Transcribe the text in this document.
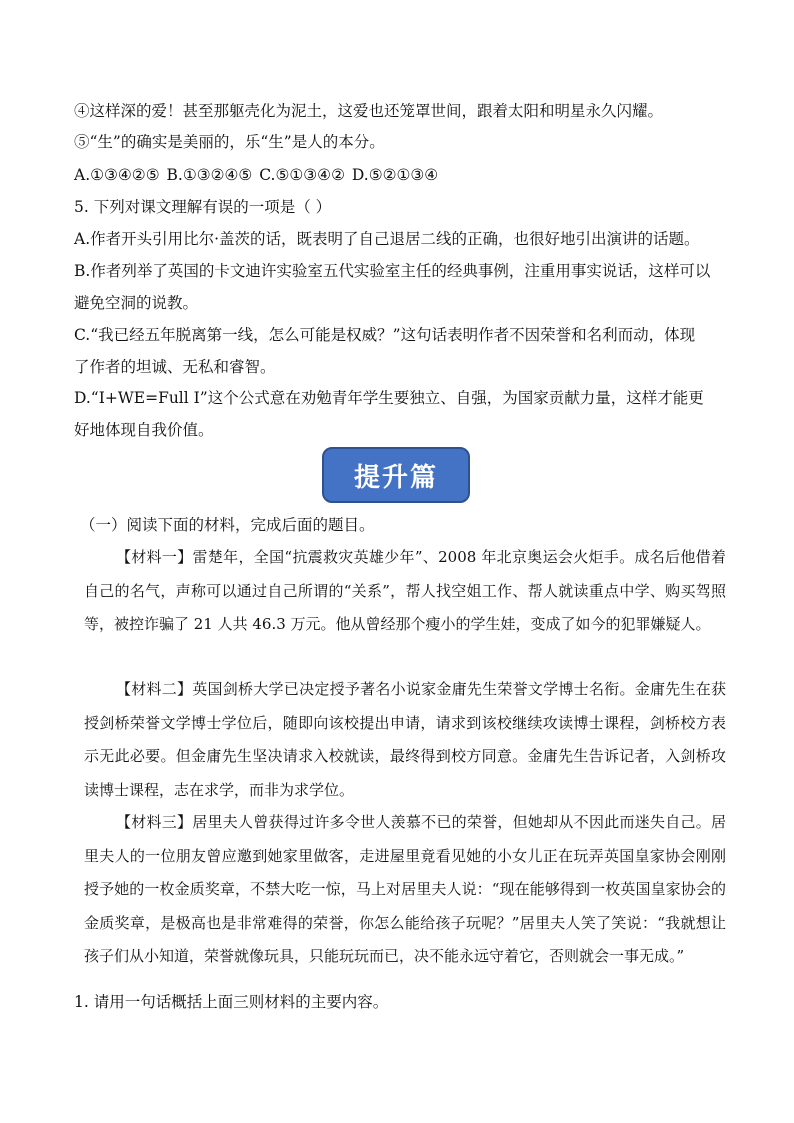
④这样深的爱！甚至那躯壳化为泥土，这爱也还笼罩世间，跟着太阳和明星永久闪耀。
⑤“生”的确实是美丽的，乐“生”是人的本分。
A.①③④②⑤ B.①③②④⑤ C.⑤①③④② D.⑤②①③④
5. 下列对课文理解有误的一项是（ ）
A.作者开头引用比尔·盖茨的话，既表明了自己退居二线的正确，也很好地引出演讲的话题。
B.作者列举了英国的卡文迪许实验室五代实验室主任的经典事例，注重用事实说话，这样可以
避免空洞的说教。
C.“我已经五年脱离第一线，怎么可能是权威？”这句话表明作者不因荣誉和名利而动，体现
了作者的坦诚、无私和睿智。
D.“I+WE=Full I”这个公式意在劝勉青年学生要独立、自强，为国家贡献力量，这样才能更
好地体现自我价值。
提升篇
（一）阅读下面的材料，完成后面的题目。
【材料一】雷楚年，全国“抗震救灾英雄少年”、2008 年北京奥运会火炬手。成名后他借着自己的名气，声称可以通过自己所谓的“关系”，帮人找空姐工作、帮人就读重点中学、购买驾照等，被控诈骗了 21 人共 46.3 万元。他从曾经那个瘦小的学生娃，变成了如今的犯罪嫌疑人。
【材料二】英国剑桥大学已决定授予著名小说家金庸先生荣誉文学博士名衔。金庸先生在获授剑桥荣誉文学博士学位后，随即向该校提出申请，请求到该校继续攻读博士课程，剑桥校方表示无此必要。但金庸先生坚决请求入校就读，最终得到校方同意。金庸先生告诉记者，入剑桥攻读博士课程，志在求学，而非为求学位。
【材料三】居里夫人曾获得过许多令世人羡慕不已的荣誉，但她却从不因此而迷失自己。居里夫人的一位朋友曾应邀到她家里做客，走进屋里竟看见她的小女儿正在玩弄英国皇家协会刚刚授予她的一枚金质奖章，不禁大吃一惊，马上对居里夫人说：“现在能够得到一枚英国皇家协会的金质奖章，是极高也是非常难得的荣誉，你怎么能给孩子玩呢？”居里夫人笑了笑说：“我就想让孩子们从小知道，荣誉就像玩具，只能玩玩而已，决不能永远守着它，否则就会一事无成。”
1. 请用一句话概括上面三则材料的主要内容。
